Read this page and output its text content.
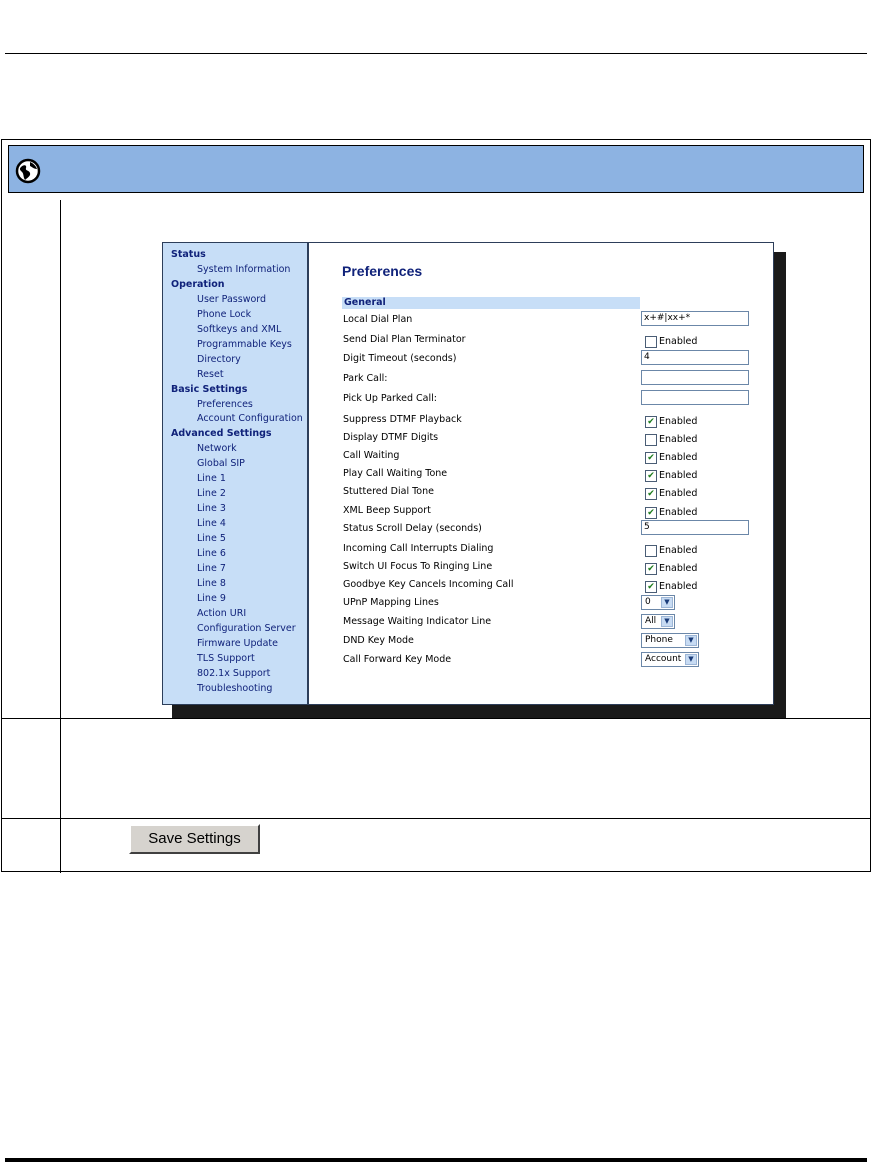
Status
System Information
Operation
User Password
Phone Lock
Softkeys and XML
Programmable Keys
Directory
Reset
Basic Settings
Preferences
Account Configuration
Advanced Settings
Network
Global SIP
Line 1
Line 2
Line 3
Line 4
Line 5
Line 6
Line 7
Line 8
Line 9
Action URI
Configuration Server
Firmware Update
TLS Support
802.1x Support
Troubleshooting
Preferences
General
Local Dial Plan	x+#|xx+*
Send Dial Plan Terminator	Enabled
Digit Timeout (seconds)	4
Park Call:
Pick Up Parked Call:
Suppress DTMF Playback	✔ Enabled
Display DTMF Digits	Enabled
Call Waiting	✔ Enabled
Play Call Waiting Tone	✔ Enabled
Stuttered Dial Tone	✔ Enabled
XML Beep Support	✔ Enabled
Status Scroll Delay (seconds)	5
Incoming Call Interrupts Dialing	Enabled
Switch UI Focus To Ringing Line	✔ Enabled
Goodbye Key Cancels Incoming Call	✔ Enabled
UPnP Mapping Lines	0	▼
Message Waiting Indicator Line	All	▼
DND Key Mode	Phone	▼
Call Forward Key Mode	Account ▼
Save Settings
